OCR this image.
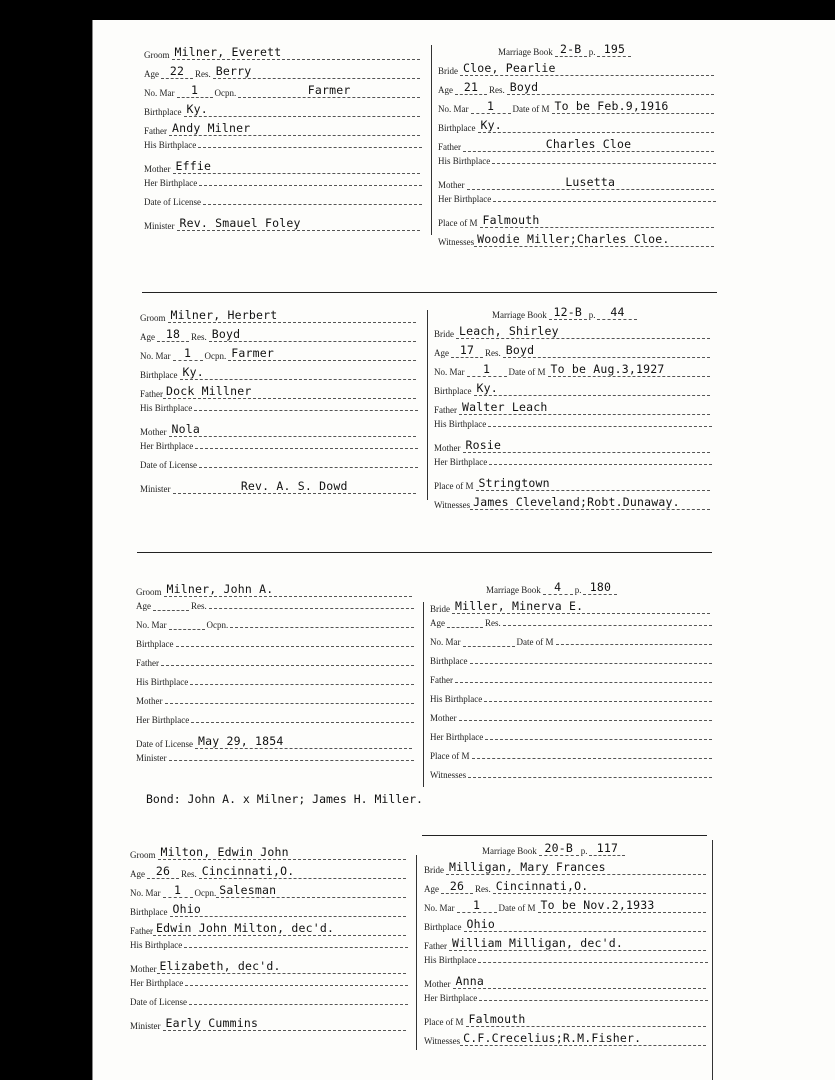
Groom Milner, Everett
Age 22 Res. Berry
No. Mar 1 Ocpn.	Farmer
Birthplace Ky.
Father Andy Milner
His Birthplace
Mother Effie
Her Birthplace
Date of License
Minister Rev. Smauel Foley
Marriage Book 2-B p. 195
Bride Cloe, Pearlie
Age 21 Res. Boyd
No. Mar 1 Date of M To be Feb.9,1916
Birthplace Ky.
Father	Charles Cloe
His Birthplace
Mother	Lusetta
Her Birthplace
Place of M Falmouth
Witnesses Woodie Miller;Charles Cloe.
Groom Milner, Herbert
Age 18 Res. Boyd
No. Mar 1 Ocpn. Farmer
Birthplace Ky.
Father Dock Millner
His Birthplace
Mother Nola
Her Birthplace
Date of License
Minister	Rev. A. S. Dowd
Marriage Book 12-B p. 44
Bride Leach, Shirley
Age 17 Res. Boyd
No. Mar 1 Date of M To be Aug.3,1927
Birthplace Ky.
Father Walter Leach
His Birthplace
Mother Rosie
Her Birthplace
Place of M Stringtown
Witnesses James Cleveland;Robt.Dunaway.
Groom Milner, John A.
Age	Res.
No. Mar	Ocpn.
Birthplace
Father
His Birthplace
Mother
Her Birthplace
Date of License May 29, 1854
Minister
Marriage Book 4 p. 180
Bride Miller, Minerva E.
Age	Res.
No. Mar	Date of M
Birthplace
Father
His Birthplace
Mother
Her Birthplace
Place of M
Witnesses
Bond: John A. x Milner; James H. Miller.
Groom Milton, Edwin John
Age 26 Res. Cincinnati,O.
No. Mar 1 Ocpn. Salesman
Birthplace Ohio
Father Edwin John Milton, dec'd.
His Birthplace
Mother Elizabeth, dec'd.
Her Birthplace
Date of License
Minister Early Cummins
Marriage Book 20-B p. 117
Bride Milligan, Mary Frances
Age 26 Res. Cincinnati,O.
No. Mar 1 Date of M To be Nov.2,1933
Birthplace Ohio
Father William Milligan, dec'd.
His Birthplace
Mother Anna
Her Birthplace
Place of M Falmouth
Witnesses C.F.Crecelius;R.M.Fisher.
